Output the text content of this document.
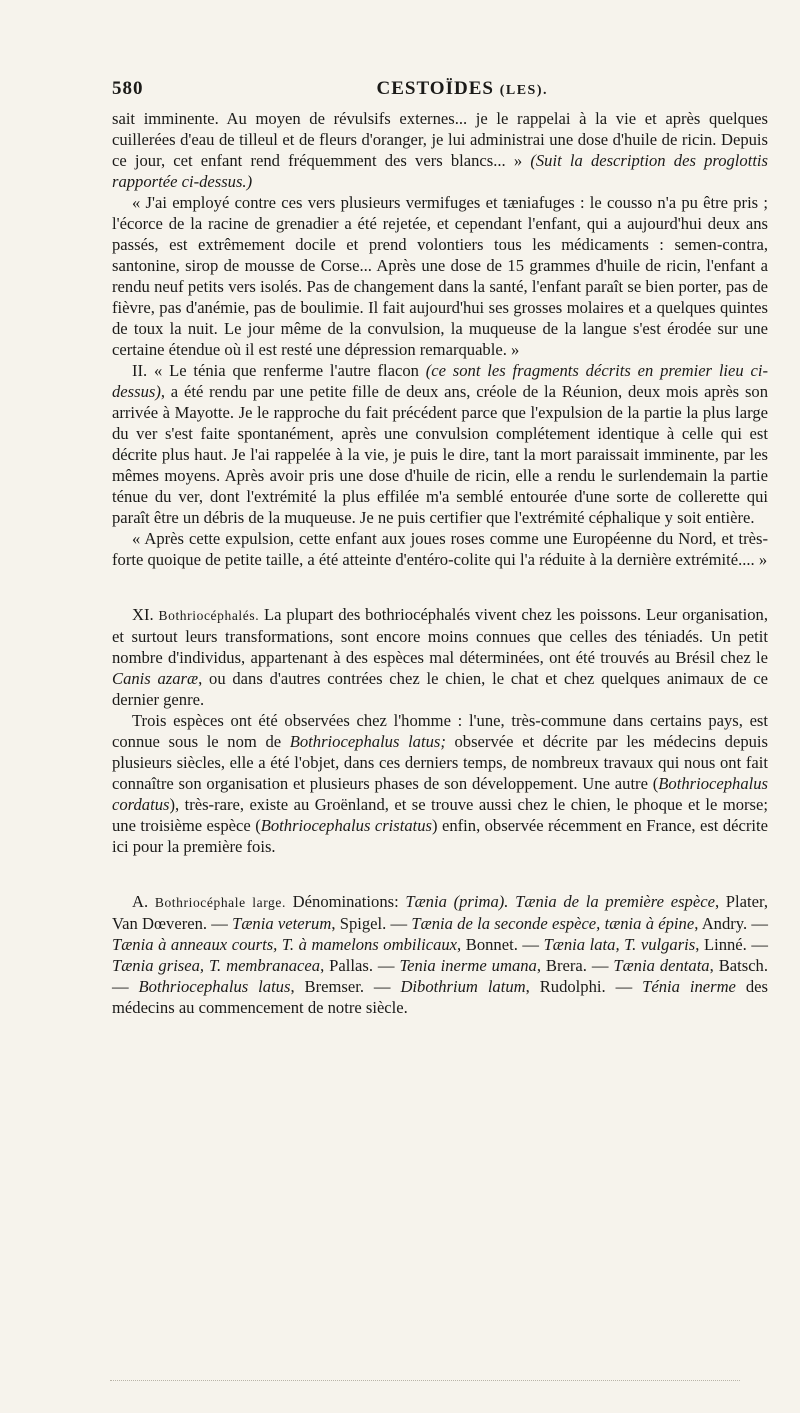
580	CESTOÏDES (LES).

sait imminente. Au moyen de révulsifs externes... je le rappelai à la vie et après quelques cuillerées d'eau de tilleul et de fleurs d'oranger, je lui administrai une dose d'huile de ricin. Depuis ce jour, cet enfant rend fréquemment des vers blancs... » (Suit la description des proglottis rapportée ci-dessus.)

« J'ai employé contre ces vers plusieurs vermifuges et tæniafuges : le cousso n'a pu être pris ; l'écorce de la racine de grenadier a été rejetée, et cependant l'enfant, qui a aujourd'hui deux ans passés, est extrêmement docile et prend volontiers tous les médicaments : semen-contra, santonine, sirop de mousse de Corse... Après une dose de 15 grammes d'huile de ricin, l'enfant a rendu neuf petits vers isolés. Pas de changement dans la santé, l'enfant paraît se bien porter, pas de fièvre, pas d'anémie, pas de boulimie. Il fait aujourd'hui ses grosses molaires et a quelques quintes de toux la nuit. Le jour même de la convulsion, la muqueuse de la langue s'est érodée sur une certaine étendue où il est resté une dépression remarquable. »

II. « Le ténia que renferme l'autre flacon (ce sont les fragments décrits en premier lieu ci-dessus), a été rendu par une petite fille de deux ans, créole de la Réunion, deux mois après son arrivée à Mayotte. Je le rapproche du fait précédent parce que l'expulsion de la partie la plus large du ver s'est faite spontanément, après une convulsion complétement identique à celle qui est décrite plus haut. Je l'ai rappelée à la vie, je puis le dire, tant la mort paraissait imminente, par les mêmes moyens. Après avoir pris une dose d'huile de ricin, elle a rendu le surlendemain la partie ténue du ver, dont l'extrémité la plus effilée m'a semblé entourée d'une sorte de collerette qui paraît être un débris de la muqueuse. Je ne puis certifier que l'extrémité céphalique y soit entière.

« Après cette expulsion, cette enfant aux joues roses comme une Européenne du Nord, et très-forte quoique de petite taille, a été atteinte d'entéro-colite qui l'a réduite à la dernière extrémité.... »

XI. Bothriocéphalés. La plupart des bothriocéphalés vivent chez les poissons. Leur organisation, et surtout leurs transformations, sont encore moins connues que celles des téniadés. Un petit nombre d'individus, appartenant à des espèces mal déterminées, ont été trouvés au Brésil chez le Canis azaræ, ou dans d'autres contrées chez le chien, le chat et chez quelques animaux de ce dernier genre.

Trois espèces ont été observées chez l'homme : l'une, très-commune dans certains pays, est connue sous le nom de Bothriocephalus latus; observée et décrite par les médecins depuis plusieurs siècles, elle a été l'objet, dans ces derniers temps, de nombreux travaux qui nous ont fait connaître son organisation et plusieurs phases de son développement. Une autre (Bothriocephalus cordatus), très-rare, existe au Groënland, et se trouve aussi chez le chien, le phoque et le morse; une troisième espèce (Bothriocephalus cristatus) enfin, observée récemment en France, est décrite ici pour la première fois.

A. Bothriocéphale large. Dénominations: Tænia (prima). Tænia de la première espèce, Plater, Van Dœveren. — Tænia veterum, Spigel. — Tænia de la seconde espèce, tænia à épine, Andry. — Tænia à anneaux courts, T. à mamelons ombilicaux, Bonnet. — Tænia lata, T. vulgaris, Linné. — Tænia grisea, T. membranacea, Pallas. — Tenia inerme umana, Brera. — Tænia dentata, Batsch. — Bothriocephalus latus, Bremser. — Dibothrium latum, Rudolphi. — Ténia inerme des médecins au commencement de notre siècle.
